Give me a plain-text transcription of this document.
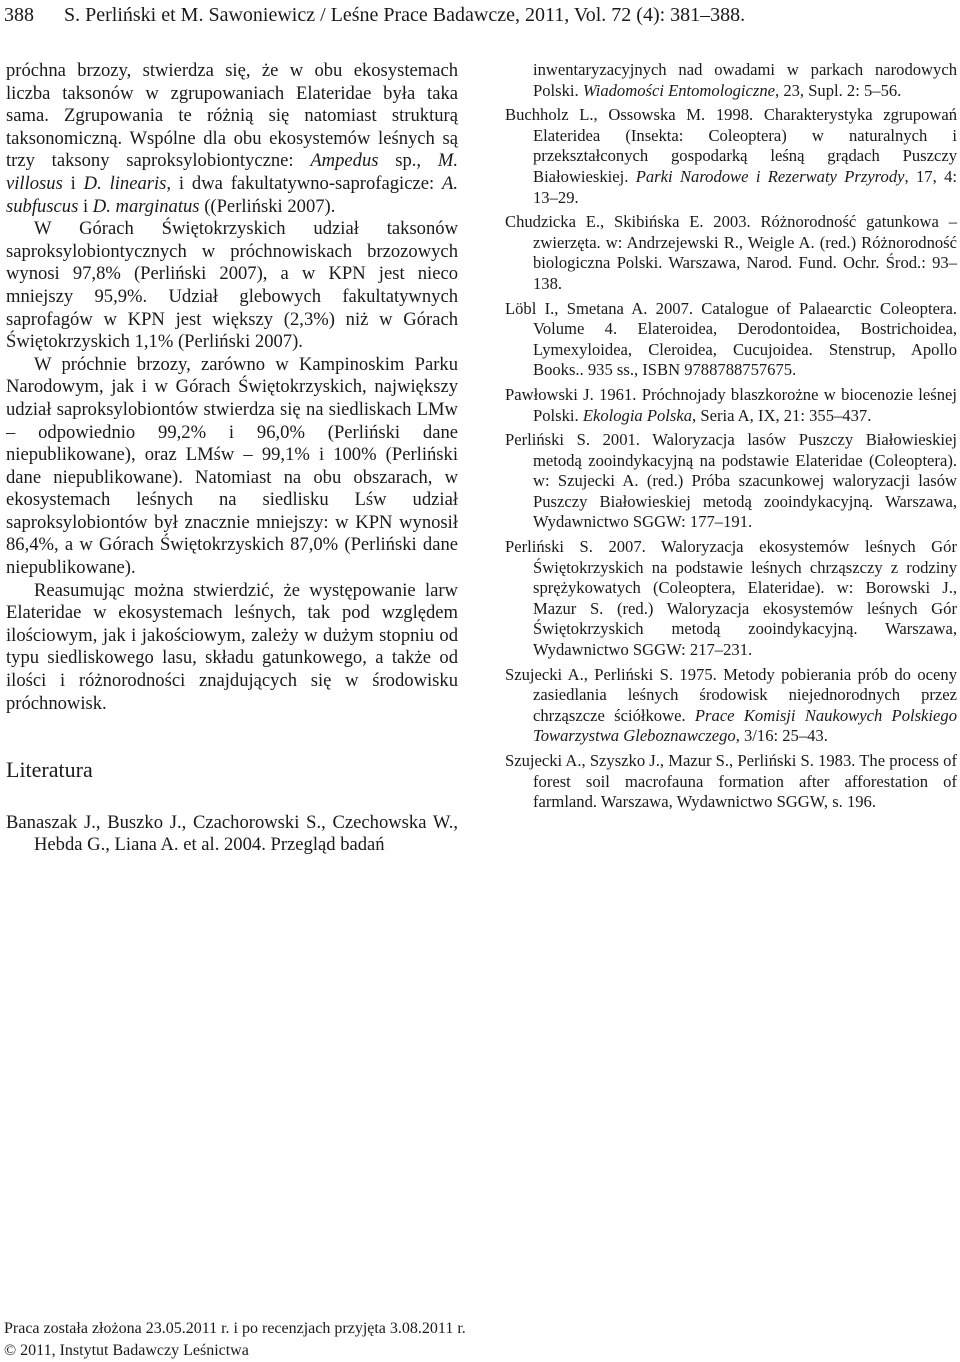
388	S. Perliński et M. Sawoniewicz / Leśne Prace Badawcze, 2011, Vol. 72 (4): 381–388.

próchna brzozy, stwierdza się, że w obu ekosystemach liczba taksonów w zgrupowaniach Elateridae była taka sama. Zgrupowania te różnią się natomiast strukturą taksonomiczną. Wspólne dla obu ekosystemów leśnych są trzy taksony saproksylobiontyczne: Ampedus sp., M. villosus i D. linearis, i dwa fakultatywno-saprofagicze: A. subfuscus i D. marginatus ((Perliński 2007).

W Górach Świętokrzyskich udział taksonów saproksylobiontycznych w próchnowiskach brzozowych wynosi 97,8% (Perliński 2007), a w KPN jest nieco mniejszy 95,9%. Udział glebowych fakultatywnych saprofagów w KPN jest większy (2,3%) niż w Górach Świętokrzyskich 1,1% (Perliński 2007).

W próchnie brzozy, zarówno w Kampinoskim Parku Narodowym, jak i w Górach Świętokrzyskich, największy udział saproksylobiontów stwierdza się na siedliskach LMw – odpowiednio 99,2% i 96,0% (Perliński dane niepublikowane), oraz LMśw – 99,1% i 100% (Perliński dane niepublikowane). Natomiast na obu obszarach, w ekosystemach leśnych na siedlisku Lśw udział saproksylobiontów był znacznie mniejszy: w KPN wynosił 86,4%, a w Górach Świętokrzyskich 87,0% (Perliński dane niepublikowane).

Reasumując można stwierdzić, że występowanie larw Elateridae w ekosystemach leśnych, tak pod względem ilościowym, jak i jakościowym, zależy w dużym stopniu od typu siedliskowego lasu, składu gatunkowego, a także od ilości i różnorodności znajdujących się w środowisku próchnowisk.

Literatura

Banaszak J., Buszko J., Czachorowski S., Czechowska W., Hebda G., Liana A. et al. 2004. Przegląd badań

inwentaryzacyjnych nad owadami w parkach narodowych Polski. Wiadomości Entomologiczne, 23, Supl. 2: 5–56.

Buchholz L., Ossowska M. 1998. Charakterystyka zgrupowań Elateridea (Insekta: Coleoptera) w naturalnych i przekształconych gospodarką leśną grądach Puszczy Białowieskiej. Parki Narodowe i Rezerwaty Przyrody, 17, 4: 13–29.

Chudzicka E., Skibińska E. 2003. Różnorodność gatunkowa – zwierzęta. w: Andrzejewski R., Weigle A. (red.) Różnorodność biologiczna Polski. Warszawa, Narod. Fund. Ochr. Środ.: 93–138.

Löbl I., Smetana A. 2007. Catalogue of Palaearctic Coleoptera. Volume 4. Elateroidea, Derodontoidea, Bostrichoidea, Lymexyloidea, Cleroidea, Cucujoidea. Stenstrup, Apollo Books.. 935 ss., ISBN 9788788757675.

Pawłowski J. 1961. Próchnojady blaszkorożne w biocenozie leśnej Polski. Ekologia Polska, Seria A, IX, 21: 355–437.

Perliński S. 2001. Waloryzacja lasów Puszczy Białowieskiej metodą zooindykacyjną na podstawie Elateridae (Coleoptera). w: Szujecki A. (red.) Próba szacunkowej waloryzacji lasów Puszczy Białowieskiej metodą zooindykacyjną. Warszawa, Wydawnictwo SGGW: 177–191.

Perliński S. 2007. Waloryzacja ekosystemów leśnych Gór Świętokrzyskich na podstawie leśnych chrząszczy z rodziny sprężykowatych (Coleoptera, Elateridae). w: Borowski J., Mazur S. (red.) Waloryzacja ekosystemów leśnych Gór Świętokrzyskich metodą zooindykacyjną. Warszawa, Wydawnictwo SGGW: 217–231.

Szujecki A., Perliński S. 1975. Metody pobierania prób do oceny zasiedlania leśnych środowisk niejednorodnych przez chrząszcze ściółkowe. Prace Komisji Naukowych Polskiego Towarzystwa Gleboznawczego, 3/16: 25–43.

Szujecki A., Szyszko J., Mazur S., Perliński S. 1983. The process of forest soil macrofauna formation after afforestation of farmland. Warszawa, Wydawnictwo SGGW, s. 196.

Praca została złożona 23.05.2011 r. i po recenzjach przyjęta 3.08.2011 r.
© 2011, Instytut Badawczy Leśnictwa
